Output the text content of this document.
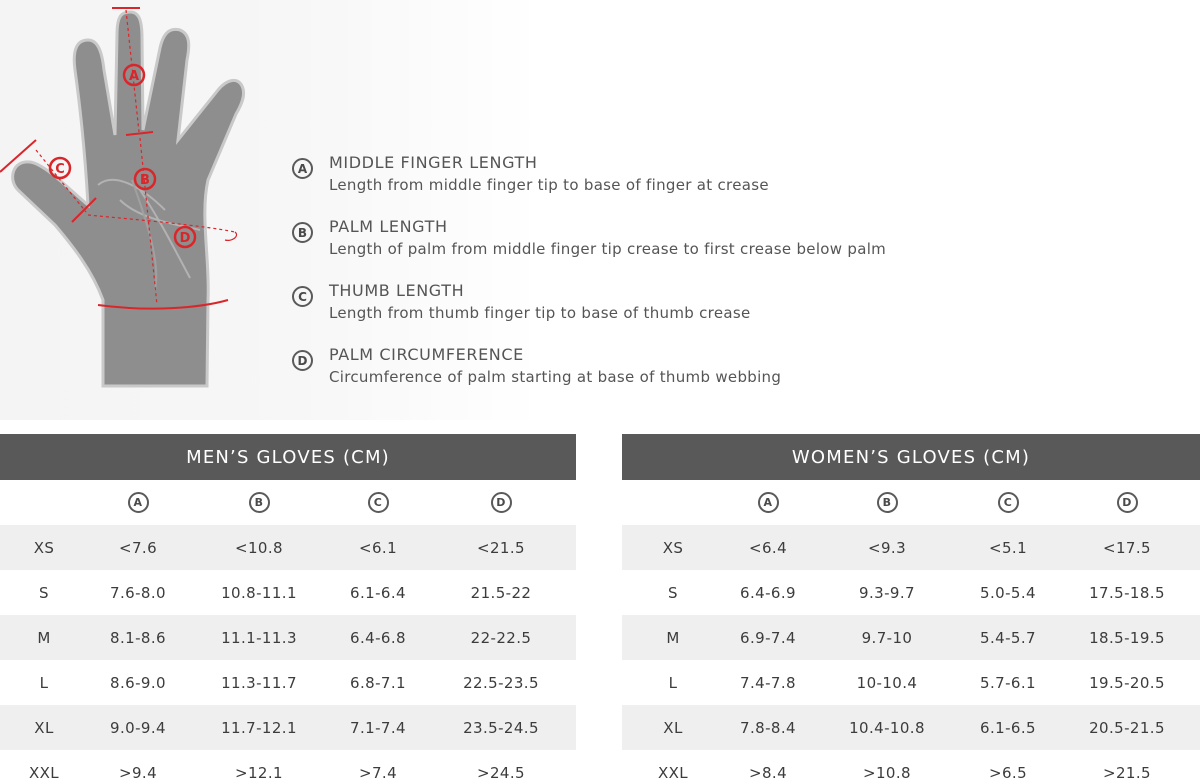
A
B
C
D
A	MIDDLE FINGER LENGTH
Length from middle finger tip to base of finger at crease
B	PALM LENGTH
Length of palm from middle finger tip crease to first crease below palm
C	THUMB LENGTH
Length from thumb finger tip to base of thumb crease
D	PALM CIRCUMFERENCE
Circumference of palm starting at base of thumb webbing
MEN’S GLOVES (CM)
A	B	C	D
XS	<7.6	<10.8	<6.1	<21.5
S	7.6-8.0	10.8-11.1	6.1-6.4	21.5-22
M	8.1-8.6	11.1-11.3	6.4-6.8	22-22.5
L	8.6-9.0	11.3-11.7	6.8-7.1	22.5-23.5
XL	9.0-9.4	11.7-12.1	7.1-7.4	23.5-24.5
XXL	>9.4	>12.1	>7.4	>24.5
WOMEN’S GLOVES (CM)
A	B	C	D
XS	<6.4	<9.3	<5.1	<17.5
S	6.4-6.9	9.3-9.7	5.0-5.4	17.5-18.5
M	6.9-7.4	9.7-10	5.4-5.7	18.5-19.5
L	7.4-7.8	10-10.4	5.7-6.1	19.5-20.5
XL	7.8-8.4	10.4-10.8	6.1-6.5	20.5-21.5
XXL	>8.4	>10.8	>6.5	>21.5
